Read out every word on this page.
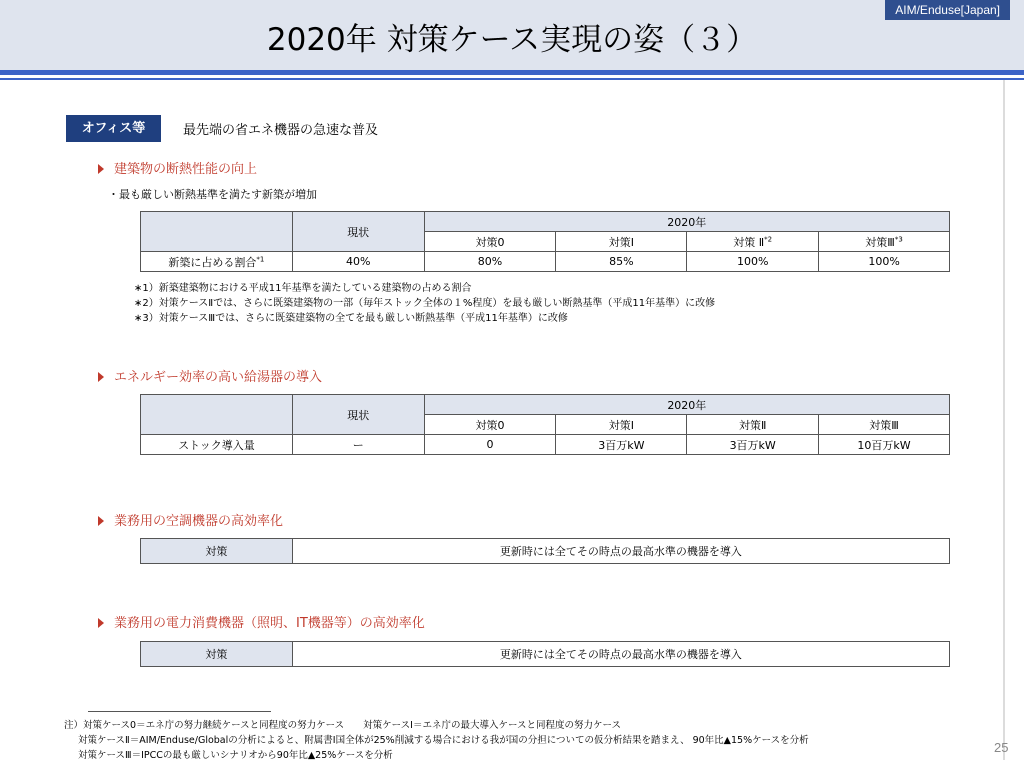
2020年 対策ケース実現の姿（３）
AIM/Enduse[Japan]
オフィス等	最先端の省エネ機器の急速な普及
建築物の断熱性能の向上
・最も厳しい断熱基準を満たす新築が増加
	現状	2020年			
		対策0	対策Ⅰ	対策 Ⅱ$^{*2}$	対策Ⅲ$^{*3}$
新築に占める割合$^{*1}$	40%	80%	85%	100%	100%
∗1）新築建築物における平成11年基準を満たしている建築物の占める割合
∗2）対策ケースⅡでは、さらに既築建築物の一部（毎年ストック全体の１%程度）を最も厳しい断熱基準（平成11年基準）に改修
∗3）対策ケースⅢでは、さらに既築建築物の全てを最も厳しい断熱基準（平成11年基準）に改修
エネルギー効率の高い給湯器の導入
	現状	2020年			
		対策0	対策Ⅰ	対策Ⅱ	対策Ⅲ
ストック導入量	ー	0	3百万kW	3百万kW	10百万kW
業務用の空調機器の高効率化
対策	更新時には全てその時点の最高水準の機器を導入
業務用の電力消費機器（照明、IT機器等）の高効率化
対策	更新時には全てその時点の最高水準の機器を導入
注）対策ケース0＝エネ庁の努力継続ケースと同程度の努力ケース　　対策ケースⅠ＝エネ庁の最大導入ケースと同程度の努力ケース
対策ケースⅡ＝AIM/Enduse/Globalの分析によると、附属書Ⅰ国全体が25%削減する場合における我が国の分担についての仮分析結果を踏まえ、 90年比▲15%ケースを分析
対策ケースⅢ＝IPCCの最も厳しいシナリオから90年比▲25%ケースを分析
25
